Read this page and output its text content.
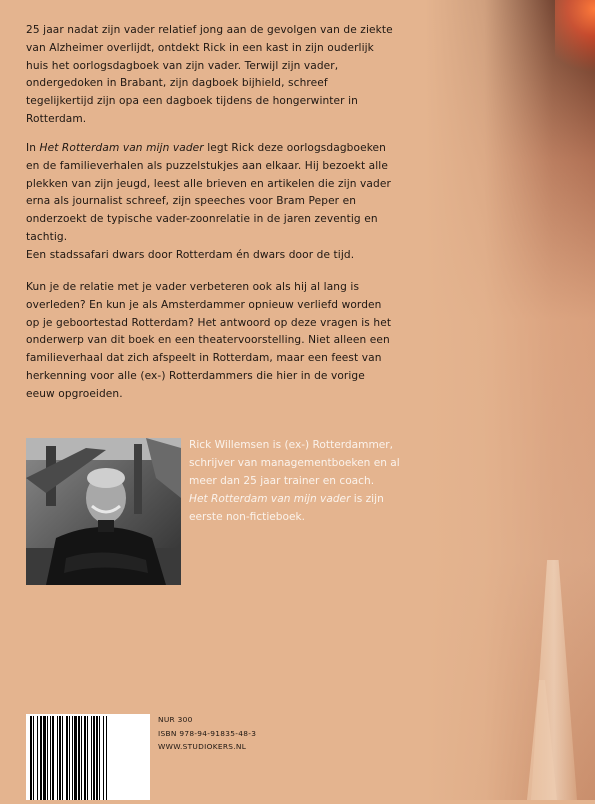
25 jaar nadat zijn vader relatief jong aan de gevolgen van de ziekte van Alzheimer overlijdt, ontdekt Rick in een kast in zijn ouderlijk huis het oorlogsdagboek van zijn vader. Terwijl zijn vader, ondergedoken in Brabant, zijn dagboek bijhield, schreef tegelijkertijd zijn opa een dagboek tijdens de hongerwinter in Rotterdam.

In Het Rotterdam van mijn vader legt Rick deze oorlogsdagboeken en de familieverhalen als puzzelstukjes aan elkaar. Hij bezoekt alle plekken van zijn jeugd, leest alle brieven en artikelen die zijn vader erna als journalist schreef, zijn speeches voor Bram Peper en onderzoekt de typische vader-zoonrelatie in de jaren zeventig en tachtig.

Een stadssafari dwars door Rotterdam én dwars door de tijd.

Kun je de relatie met je vader verbeteren ook als hij al lang is overleden? En kun je als Amsterdammer opnieuw verliefd worden op je geboortestad Rotterdam? Het antwoord op deze vragen is het onderwerp van dit boek en een theatervoorstelling. Niet alleen een familieverhaal dat zich afspeelt in Rotterdam, maar een feest van herkenning voor alle (ex-) Rotterdammers die hier in de vorige eeuw opgroeiden.

Rick Willemsen is (ex-) Rotterdammer, schrijver van managementboeken en al meer dan 25 jaar trainer en coach.

Het Rotterdam van mijn vader is zijn eerste non-fictieboek.

NUR 300
ISBN 978-94-91835-48-3
WWW.STUDIOKERS.NL
